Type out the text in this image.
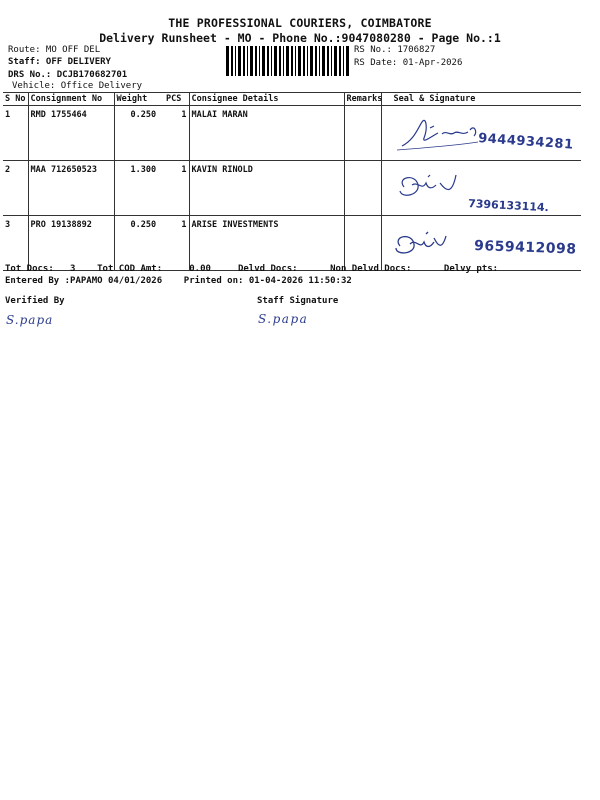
THE PROFESSIONAL COURIERS, COIMBATORE
Delivery Runsheet - MO - Phone No.:9047080280 - Page No.:1
Route: MO OFF DEL
Staff: OFF DELIVERY
DRS No.: DCJB170682701
Vehicle: Office Delivery
RS No.: 1706827
RS Date: 01-Apr-2026
S No	Consignment No	Weight	PCS	Consignee Details	Remarks	Seal & Signature
1	RMD 1755464	0.250	1	MALAI MARAN		9444934281

2	MAA 712650523	1.300	1	KAVIN RINOLD		7396133114.

3	PRO 19138892	0.250	1	ARISE INVESTMENTS		9659412098
Tot Docs:   3    Tot COD Amt:     0.00     Delvd Docs:      Non Delvd Docs:      Delvy pts:
Entered By :PAPAMO 04/01/2026    Printed on: 01-04-2026 11:50:32
Verified By	Staff Signature
S.papa	S.papa
